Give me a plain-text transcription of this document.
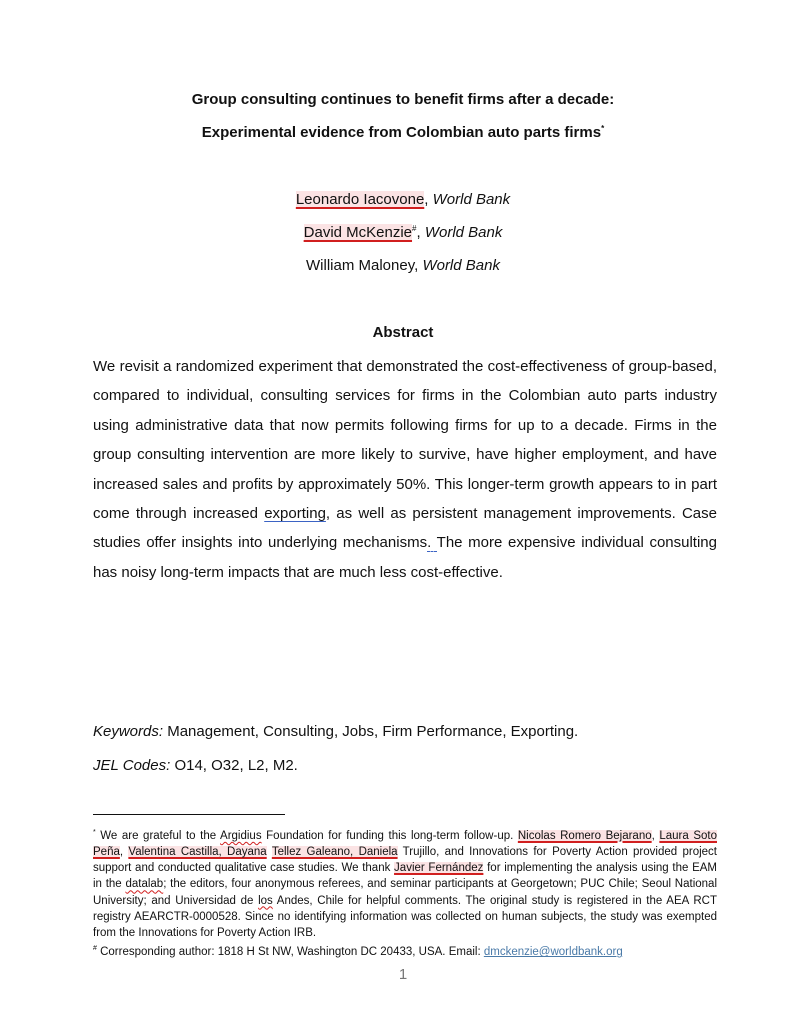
Group consulting continues to benefit firms after a decade:
Experimental evidence from Colombian auto parts firms*
Leonardo Iacovone, World Bank
David McKenzie#, World Bank
William Maloney, World Bank
Abstract
We revisit a randomized experiment that demonstrated the cost-effectiveness of group-based, compared to individual, consulting services for firms in the Colombian auto parts industry using administrative data that now permits following firms for up to a decade. Firms in the group consulting intervention are more likely to survive, have higher employment, and have increased sales and profits by approximately 50%. This longer-term growth appears to in part come through increased exporting, as well as persistent management improvements. Case studies offer insights into underlying mechanisms. The more expensive individual consulting has noisy long-term impacts that are much less cost-effective.
Keywords: Management, Consulting, Jobs, Firm Performance, Exporting.
JEL Codes: O14, O32, L2, M2.
* We are grateful to the Argidius Foundation for funding this long-term follow-up. Nicolas Romero Bejarano, Laura Soto Peña, Valentina Castilla, Dayana Tellez Galeano, Daniela Trujillo, and Innovations for Poverty Action provided project support and conducted qualitative case studies. We thank Javier Fernández for implementing the analysis using the EAM in the datalab; the editors, four anonymous referees, and seminar participants at Georgetown; PUC Chile; Seoul National University; and Universidad de los Andes, Chile for helpful comments. The original study is registered in the AEA RCT registry AEARCTR-0000528. Since no identifying information was collected on human subjects, the study was exempted from the Innovations for Poverty Action IRB.
# Corresponding author: 1818 H St NW, Washington DC 20433, USA. Email: dmckenzie@worldbank.org
1
